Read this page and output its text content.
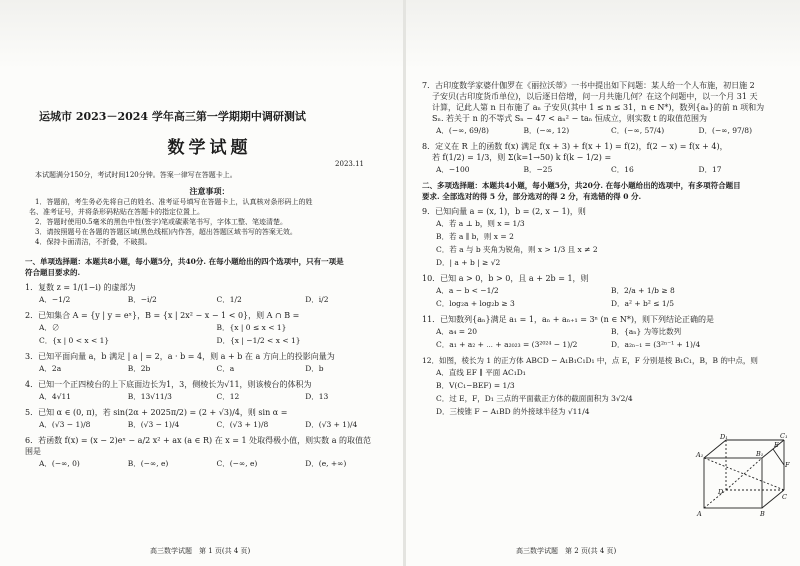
运城市 2023－2024 学年高三第一学期期中调研测试
数学试题
2023.11
本试题满分150分，考试时间120分钟。答案一律写在答题卡上。
注意事项：
1．答题前，考生务必先将自己的姓名、准考证号填写在答题卡上，认真核对条形码上的姓
名、准考证号，并将条形码粘贴在答题卡的指定位置上。
2．答题时使用0.5毫米的黑色中性(签字)笔或碳素笔书写，字体工整、笔迹清楚。
3．请按照题号在各题的答题区域(黑色线框)内作答，超出答题区域书写的答案无效。
4．保持卡面清洁，不折叠，不破损。
一、单项选择题：本题共8小题，每小题5分，共40分. 在每小题给出的四个选项中，只有一项是
符合题目要求的.
1．复数 z = 1/(1−i) 的虚部为
A．−1/2	B．−i/2	C．1/2	D．i/2
2．已知集合 A = {y | y = eˣ}，B = {x | 2x² − x − 1 < 0}，则 A ∩ B =
A．∅	B．{x | 0 ≤ x < 1}
C．{x | 0 < x < 1}	D．{x | −1/2 < x < 1}
3．已知平面向量 a，b 满足 | a | = 2，a · b = 4，则 a + b 在 a 方向上的投影向量为
A．2a	B．2b	C．a	D．b
4．已知一个正四棱台的上下底面边长为1，3，侧棱长为√11，则该棱台的体积为
A．4√11	B．13√11/3	C．12	D．13
5．已知 α ∈ (0, π)，若 sin(2α + 2025π/2) = (2 + √3)/4，则 sin α =
A．(√3 − 1)/8	B．(√3 − 1)/4	C．(√3 + 1)/8	D．(√3 + 1)/4
6．若函数 f(x) = (x − 2)eˣ − a/2 x² + ax (a ∈ R) 在 x = 1 处取得极小值，则实数 a 的取值范
围是
A．(−∞, 0)	B．(−∞, e)	C．(−∞, e)	D．(e, +∞)
高三数学试题　第 1 页(共 4 页)
7．古印度数学家婆什伽罗在《丽拉沃蒂》一书中提出如下问题：某人给一个人布施，初日施 2
子安贝(古印度货币单位)，以后逐日倍增，问一月共施几何？在这个问题中，以一个月 31 天
计算，记此人第 n 日布施了 aₙ 子安贝(其中 1 ≤ n ≤ 31，n ∈ N*)，数列{aₙ}的前 n 项和为
Sₙ. 若关于 n 的不等式 Sₙ − 47 < aₙ² − taₙ 恒成立，则实数 t 的取值范围为
A．(−∞, 69/8)	B．(−∞, 12)	C．(−∞, 57/4)	D．(−∞, 97/8)
8．定义在 R 上的函数 f(x) 满足 f(x + 3) + f(x + 1) = f(2)，f(2 − x) = f(x + 4)，
若 f(1/2) = 1/3，则 Σ(k=1→50) k f(k − 1/2) =
A．−100	B．−25	C．16	D．17
二、多项选择题：本题共4小题，每小题5分，共20分. 在每小题给出的选项中，有多项符合题目
要求. 全部选对的得 5 分，部分选对的得 2 分，有选错的得 0 分.
9．已知向量 a = (x, 1)，b = (2, x − 1)，则
A．若 a ⊥ b，则 x = 1/3
B．若 a ∥ b，则 x = 2
C．若 a 与 b 夹角为锐角，则 x > 1/3 且 x ≠ 2
D．| a + b | ≥ √2
10．已知 a > 0，b > 0，且 a + 2b = 1，则
A．a − b < −1/2	B．2/a + 1/b ≥ 8
C．log₂a + log₂b ≥ 3	D．a² + b² ≤ 1/5
11．已知数列{aₙ}满足 a₁ = 1，aₙ + aₙ₊₁ = 3ⁿ (n ∈ N*)，则下列结论正确的是
A．a₄ = 20	B．{aₙ} 为等比数列
C．a₁ + a₂ + ⋯ + a₂₀₂₃ = (3²⁰²⁴ − 1)/2	D．a₂ₙ₋₁ = (3²ⁿ⁻¹ + 1)/4
12．如图，棱长为 1 的正方体 ABCD − A₁B₁C₁D₁ 中，点 E，F 分别是棱 B₁C₁，B，B 的中点，则
A．直线 EF ∥ 平面 AC₁D₁
B．V(C₁−BEF) = 1/3
C．过 E，F，D₁ 三点的平面截正方体的截面面积为 3√2/4
D．三棱锥 F − A₁BD 的外接球半径为 √11/4
D₁	C₁
A₁	B₁
E
F
D
C
A	B
高三数学试题　第 2 页(共 4 页)
